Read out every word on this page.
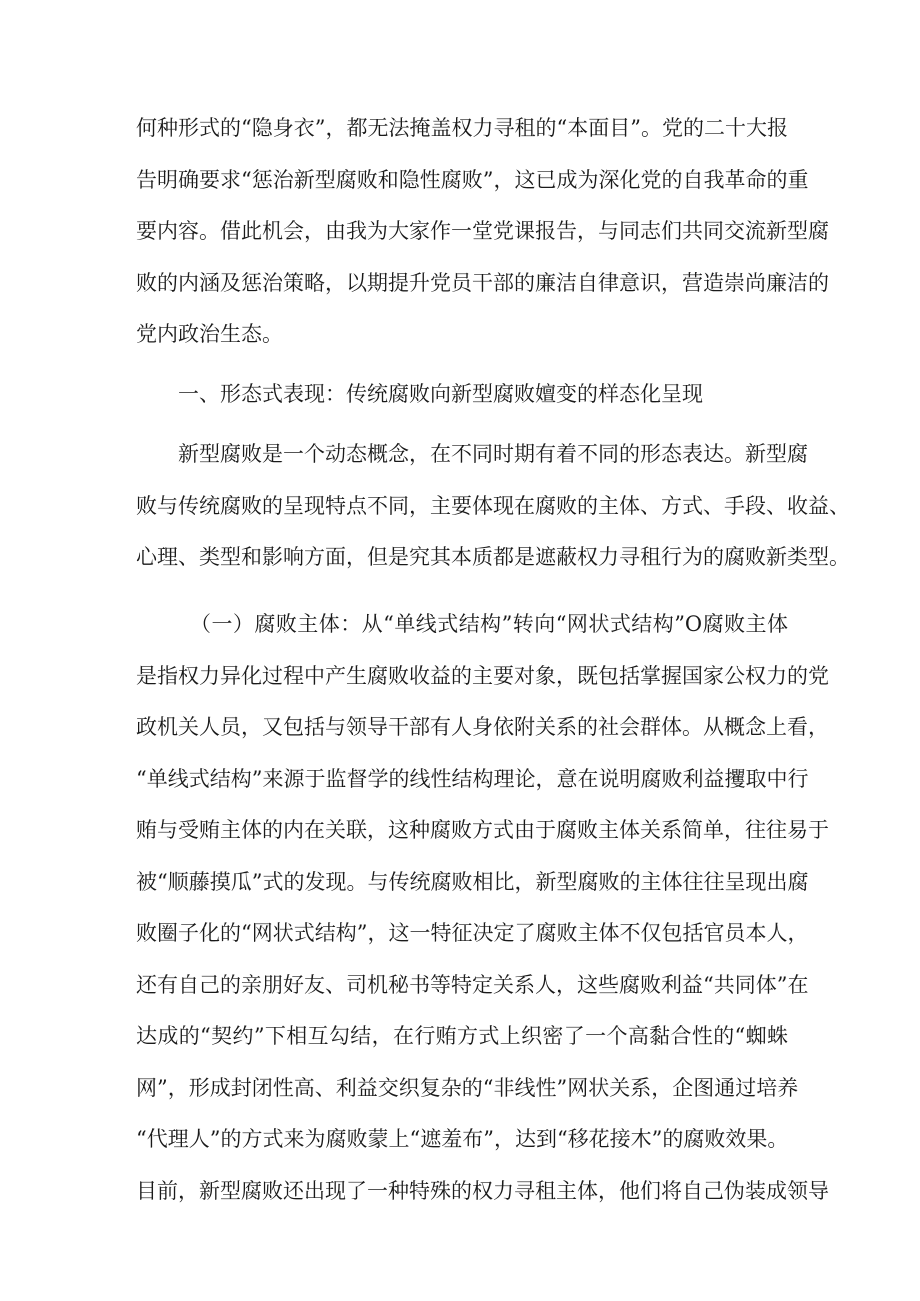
何种形式的“隐身衣”，都无法掩盖权力寻租的“本面目”。党的二十大报
告明确要求“惩治新型腐败和隐性腐败”，这已成为深化党的自我革命的重
要内容。借此机会，由我为大家作一堂党课报告，与同志们共同交流新型腐
败的内涵及惩治策略，以期提升党员干部的廉洁自律意识，营造崇尚廉洁的
党内政治生态。
一、形态式表现：传统腐败向新型腐败嬗变的样态化呈现
新型腐败是一个动态概念，在不同时期有着不同的形态表达。新型腐
败与传统腐败的呈现特点不同，主要体现在腐败的主体、方式、手段、收益、
心理、类型和影响方面，但是究其本质都是遮蔽权力寻租行为的腐败新类型。
（一）腐败主体：从“单线式结构”转向“网状式结构”O腐败主体
是指权力异化过程中产生腐败收益的主要对象，既包括掌握国家公权力的党
政机关人员，又包括与领导干部有人身依附关系的社会群体。从概念上看，
“单线式结构”来源于监督学的线性结构理论，意在说明腐败利益攫取中行
贿与受贿主体的内在关联，这种腐败方式由于腐败主体关系简单，往往易于
被“顺藤摸瓜”式的发现。与传统腐败相比，新型腐败的主体往往呈现出腐
败圈子化的“网状式结构”，这一特征决定了腐败主体不仅包括官员本人，
还有自己的亲朋好友、司机秘书等特定关系人，这些腐败利益“共同体”在
达成的“契约”下相互勾结，在行贿方式上织密了一个高黏合性的“蜘蛛
网”，形成封闭性高、利益交织复杂的“非线性”网状关系，企图通过培养
“代理人”的方式来为腐败蒙上“遮羞布”，达到“移花接木”的腐败效果。
目前，新型腐败还出现了一种特殊的权力寻租主体，他们将自己伪装成领导
